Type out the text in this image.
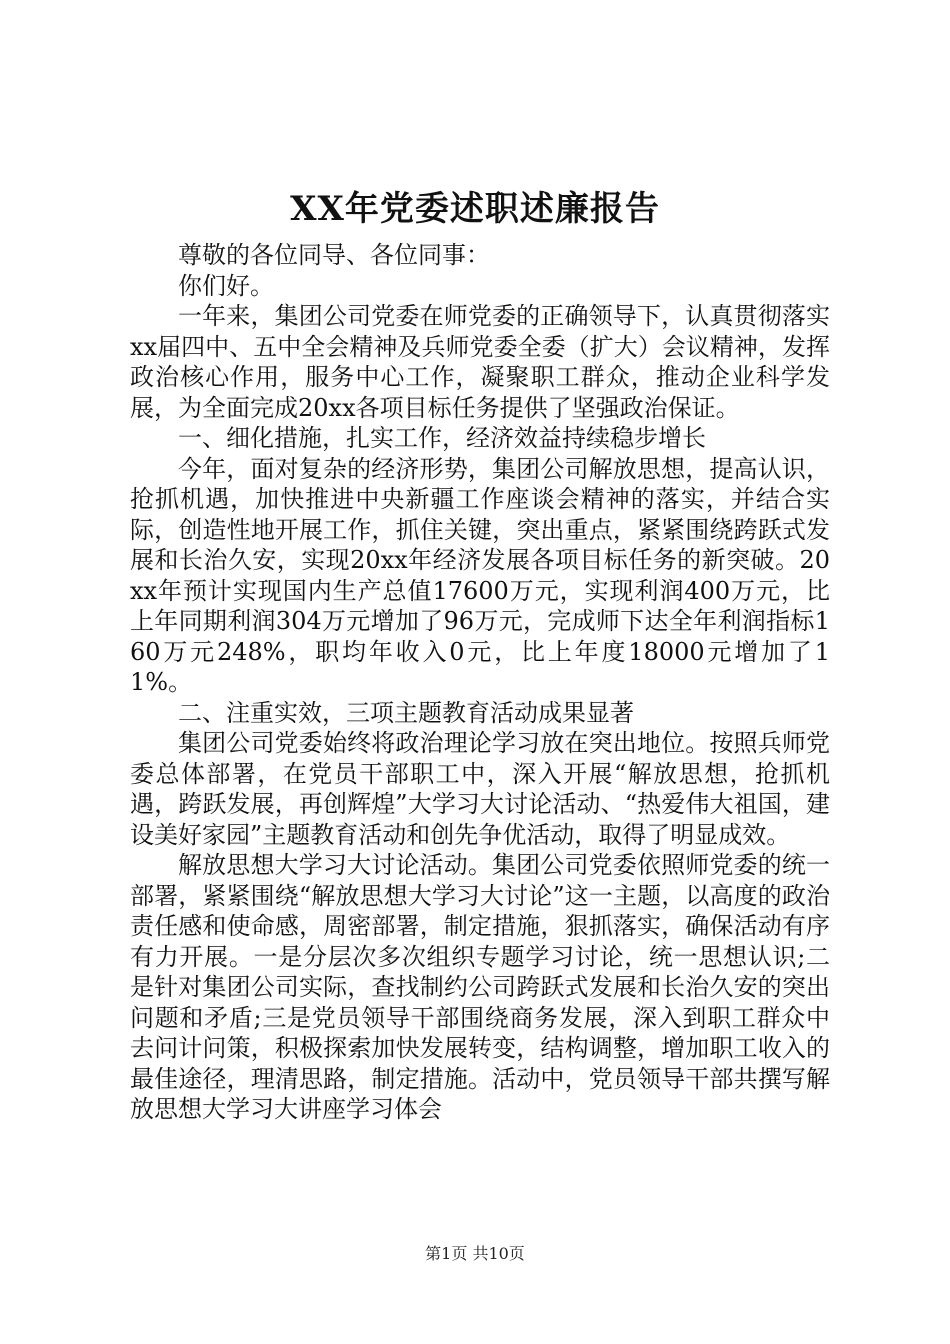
XX年党委述职述廉报告

尊敬的各位同导、各位同事：

你们好。

一年来，集团公司党委在师党委的正确领导下，认真贯彻落实xx届四中、五中全会精神及兵师党委全委（扩大）会议精神，发挥政治核心作用，服务中心工作，凝聚职工群众，推动企业科学发展，为全面完成20xx各项目标任务提供了坚强政治保证。

一、细化措施，扎实工作，经济效益持续稳步增长

今年，面对复杂的经济形势，集团公司解放思想，提高认识，抢抓机遇，加快推进中央新疆工作座谈会精神的落实，并结合实际，创造性地开展工作，抓住关键，突出重点，紧紧围绕跨跃式发展和长治久安，实现20xx年经济发展各项目标任务的新突破。20xx年预计实现国内生产总值17600万元，实现利润400万元，比上年同期利润304万元增加了96万元，完成师下达全年利润指标160万元248%，职均年收入0元，比上年度18000元增加了11%。

二、注重实效，三项主题教育活动成果显著

集团公司党委始终将政治理论学习放在突出地位。按照兵师党委总体部署，在党员干部职工中，深入开展“解放思想，抢抓机遇，跨跃发展，再创辉煌”大学习大讨论活动、“热爱伟大祖国，建设美好家园”主题教育活动和创先争优活动，取得了明显成效。

解放思想大学习大讨论活动。集团公司党委依照师党委的统一部署，紧紧围绕“解放思想大学习大讨论”这一主题，以高度的政治责任感和使命感，周密部署，制定措施，狠抓落实，确保活动有序有力开展。一是分层次多次组织专题学习讨论，统一思想认识;二是针对集团公司实际，查找制约公司跨跃式发展和长治久安的突出问题和矛盾;三是党员领导干部围绕商务发展，深入到职工群众中去问计问策，积极探索加快发展转变，结构调整，增加职工收入的最佳途径，理清思路，制定措施。活动中，党员领导干部共撰写解放思想大学习大讲座学习体会

第1页 共10页
